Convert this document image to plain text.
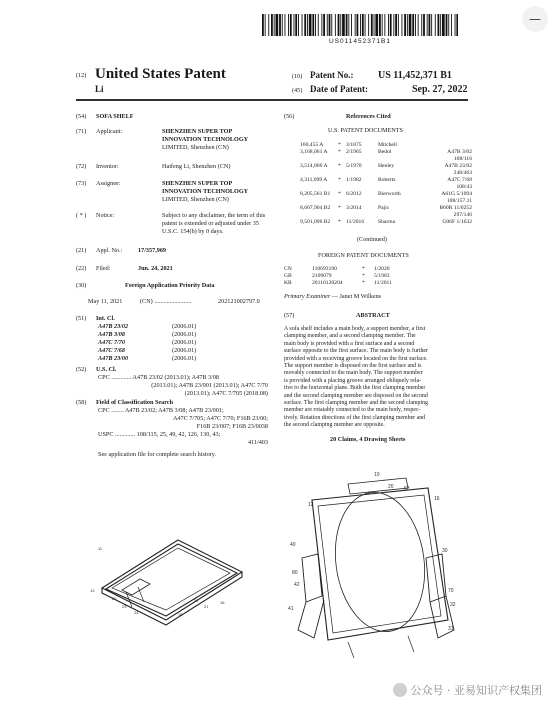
—
US011452371B1
(12) United States Patent
Li
(10) Patent No.: US 11,452,371 B1
(45) Date of Patent:	Sep. 27, 2022
(54) SOFA SHELF
(71) Applicant:	SHENZHEN SUPER TOP
INNOVATION TECHNOLOGY
LIMITED, Shenzhen (CN)
(72) Inventor:	Haifeng Li, Shenzhen (CN)
(73) Assignee:	SHENZHEN SUPER TOP
INNOVATION TECHNOLOGY
LIMITED, Shenzhen (CN)
( * ) Notice:	Subject to any disclaimer, the term of this
patent is extended or adjusted under 35
U.S.C. 154(b) by 0 days.
(21) Appl. No.:	17/357,969
(22) Filed:	Jun. 24, 2021
(30)	Foreign Application Priority Data
May 11, 2021	(CN) ........................	202121002797.0
(51) Int. Cl.
A47B 23/02	(2006.01)
A47B 3/08	(2006.01)
A47C 7/70	(2006.01)
A47C 7/68	(2006.01)
A47B 23/00	(2006.01)
(52) U.S. Cl.
CPC ............. A47B 23/02 (2013.01); A47B 3/08
(2013.01); A47B 23/001 (2013.01); A47C 7/70
(2013.01); A47C 7/705 (2018.08)
(58) Field of Classification Search
CPC ........ A47B 23/02; A47B 3/08; A47B 23/001;
A47C 7/705; A47C 7/70; F16B 23/00;
F16B 23/007; F16B 23/0038
USPC ............. 108/115, 25, 49, 42, 126, 130, 43;
411/403
See application file for complete search history.
(56)	References Cited
U.S. PATENT DOCUMENTS
160,455 A	* 3/1875	Mitchell
3,168,061 A * 2/1965	Bedol	A47B 3/02
108/116
3,514,066 A * 5/1970	Henley	A47B 23/02
248/463
4,311,099 A * 1/1982	Roberts	A47C 7/68
108/43
8,205,561 B1 * 6/2012	Bierworth	A61G 5/1094
108/157.11
8,667,904 B2 * 3/2014	Pajic	B60R 11/0252
297/146
9,501,096 B2 * 11/2016 Sharma	G06F 1/1632
(Continued)
FOREIGN PATENT DOCUMENTS
CN	110693190	* 1/2020
GB	2109079	* 5/1983
KR	20110120204	* 11/2011
Primary Examiner — Janet M Wilkens
(57)	ABSTRACT
A sofa shelf includes a main body, a support member, a first
clamping member, and a second clamping member. The
main body is provided with a first surface and a second
surface opposite to the first surface. The main body is further
provided with a receiving groove located on the first surface.
The support member is disposed on the first surface and is
movably connected to the main body. The support member
is provided with a placing groove arranged obliquely rela-
tive to the horizontal plane. Both the first clamping member
and the second clamping member are disposed on the second
surface. The first clamping member and the second clamping
member are rotatably connected to the main body, respec-
tively. Rotation directions of the first clamping member and
the second clamping member are opposite.
20 Claims, 4 Drawing Sheets
11
13
20
23
24
22
21
15
16
10
20 52
12
16
40
80
42
41
30
70
32
31
公众号 · 亚易知识产权集团
